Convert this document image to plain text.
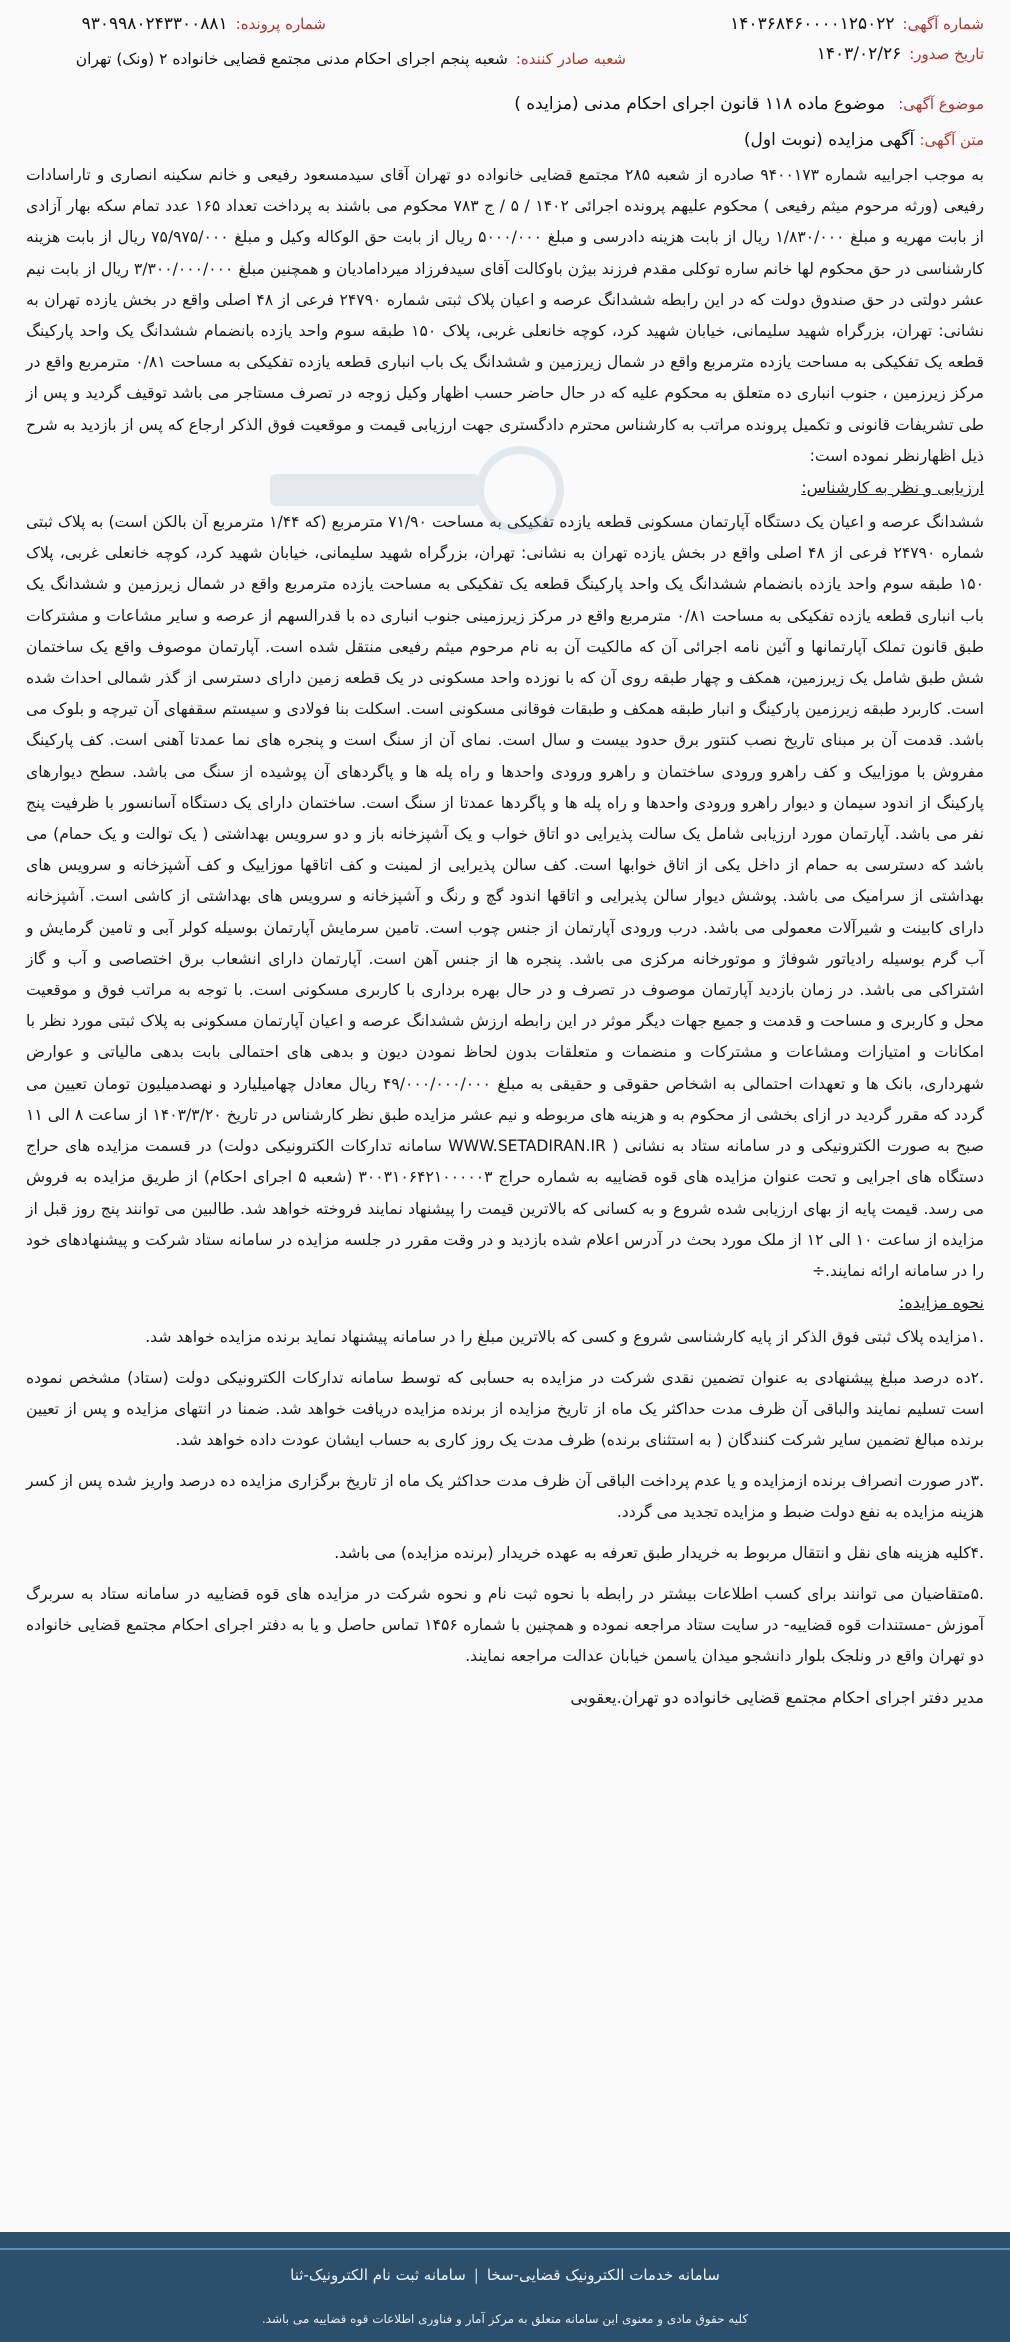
شماره آگهی:
۱۴۰۳۶۸۴۶۰۰۰۰۱۲۵۰۲۲
شماره پرونده:
۹۳۰۹۹۸۰۲۴۳۳۰۰۸۸۱
تاریخ صدور:
۱۴۰۳/۰۲/۲۶
شعبه صادر کننده:
شعبه پنجم اجرای احکام مدنی مجتمع قضایی خانواده ۲ (ونک) تهران
موضوع آگهی: موضوع ماده ۱۱۸ قانون اجرای احکام مدنی (مزایده )
متن آگهی: آگهی مزایده (نوبت اول)
به موجب اجراییه شماره ۹۴۰۰۱۷۳ صادره از شعبه ۲۸۵ مجتمع قضایی خانواده دو تهران آقای سیدمسعود رفیعی و خانم سکینه انصاری و تاراسادات رفیعی (ورثه مرحوم میثم رفیعی ) محکوم علیهم پرونده اجرائی ۱۴۰۲ / ۵ / ج ۷۸۳ محکوم می باشند به پرداخت تعداد ۱۶۵ عدد تمام سکه بهار آزادی از بابت مهریه و مبلغ ۱/۸۳۰/۰۰۰ ریال از بابت هزینه دادرسی و مبلغ ۵۰۰۰/۰۰۰ ریال از بابت حق الوکاله وکیل و مبلغ ۷۵/۹۷۵/۰۰۰ ریال از بابت هزینه کارشناسی در حق محکوم لها خانم ساره توکلی مقدم فرزند بیژن باوکالت آقای سیدفرزاد میردامادیان و همچنین مبلغ ۳/۳۰۰/۰۰۰/۰۰۰ ریال از بابت نیم عشر دولتی در حق صندوق دولت که در این رابطه ششدانگ عرصه و اعیان پلاک ثبتی شماره ۲۴۷۹۰ فرعی از ۴۸ اصلی واقع در بخش یازده تهران به نشانی: تهران، بزرگراه شهید سلیمانی، خیابان شهید کرد، کوچه خانعلی غربی، پلاک ۱۵۰ طبقه سوم واحد یازده بانضمام ششدانگ یک واحد پارکینگ قطعه یک تفکیکی به مساحت یازده مترمربع واقع در شمال زیرزمین و ششدانگ یک باب انباری قطعه یازده تفکیکی به مساحت ۰/۸۱ مترمربع واقع در مرکز زیرزمین ، جنوب انباری ده متعلق به محکوم علیه که در حال حاضر حسب اظهار وکیل زوجه در تصرف مستاجر می باشد توقیف گردید و پس از طی تشریفات قانونی و تکمیل پرونده مراتب به کارشناس محترم دادگستری جهت ارزیابی قیمت و موقعیت فوق الذکر ارجاع که پس از بازدید به شرح ذیل اظهارنظر نموده است:
ارزیابی و نظر به کارشناس:
ششدانگ عرصه و اعیان یک دستگاه آپارتمان مسکونی قطعه یازده تفکیکی به مساحت ۷۱/۹۰ مترمربع (که ۱/۴۴ مترمربع آن بالکن است) به پلاک ثبتی شماره ۲۴۷۹۰ فرعی از ۴۸ اصلی واقع در بخش یازده تهران به نشانی: تهران، بزرگراه شهید سلیمانی، خیابان شهید کرد، کوچه خانعلی غربی، پلاک ۱۵۰ طبقه سوم واحد یازده بانضمام ششدانگ یک واحد پارکینگ قطعه یک تفکیکی به مساحت یازده مترمربع واقع در شمال زیرزمین و ششدانگ یک باب انباری قطعه یازده تفکیکی به مساحت ۰/۸۱ مترمربع واقع در مرکز زیرزمینی جنوب انباری ده با قدرالسهم از عرصه و سایر مشاعات و مشترکات طبق قانون تملک آپارتمانها و آئین نامه اجرائی آن که مالکیت آن به نام مرحوم میثم رفیعی منتقل شده است. آپارتمان موصوف واقع یک ساختمان شش طبق شامل یک زیرزمین، همکف و چهار طبقه روی آن که با نوزده واحد مسکونی در یک قطعه زمین دارای دسترسی از گذر شمالی احداث شده است. کاربرد طبقه زیرزمین پارکینگ و انبار طبقه همکف و طبقات فوقانی مسکونی است. اسکلت بنا فولادی و سیستم سقفهای آن تیرچه و بلوک می باشد. قدمت آن بر مبنای تاریخ نصب کنتور برق حدود بیست و سال است. نمای آن از سنگ است و پنجره های نما عمدتا آهنی است. کف پارکینگ مفروش با موزاییک و کف راهرو ورودی ساختمان و راهرو ورودی واحدها و راه پله ها و پاگردهای آن پوشیده از سنگ می باشد. سطح دیوارهای پارکینگ از اندود سیمان و دیوار راهرو ورودی واحدها و راه پله ها و پاگردها عمدتا از سنگ است. ساختمان دارای یک دستگاه آسانسور با ظرفیت پنج نفر می باشد. آپارتمان مورد ارزیابی شامل یک سالت پذیرایی دو اتاق خواب و یک آشپزخانه باز و دو سرویس بهداشتی ( یک توالت و یک حمام) می باشد که دسترسی به حمام از داخل یکی از اتاق خوابها است. کف سالن پذیرایی از لمینت و کف اتاقها موزاییک و کف آشپزخانه و سرویس های بهداشتی از سرامیک می باشد. پوشش دیوار سالن پذیرایی و اتاقها اندود گچ و رنگ و آشپزخانه و سرویس های بهداشتی از کاشی است. آشپزخانه دارای کابینت و شیرآلات معمولی می باشد. درب ورودی آپارتمان از جنس چوب است. تامین سرمایش آپارتمان بوسیله کولر آبی و تامین گرمایش و آب گرم بوسیله رادیاتور شوفاژ و موتورخانه مرکزی می باشد. پنجره ها از جنس آهن است. آپارتمان دارای انشعاب برق اختصاصی و آب و گاز اشتراکی می باشد. در زمان بازدید آپارتمان موصوف در تصرف و در حال بهره برداری با کاربری مسکونی است. با توجه به مراتب فوق و موقعیت محل و کاربری و مساحت و قدمت و جمیع جهات دیگر موثر در این رابطه ارزش ششدانگ عرصه و اعیان آپارتمان مسکونی به پلاک ثبتی مورد نظر با امکانات و امتیازات ومشاعات و مشترکات و منضمات و متعلقات بدون لحاظ نمودن دیون و بدهی های احتمالی بابت بدهی مالیاتی و عوارض شهرداری، بانک ها و تعهدات احتمالی به اشخاص حقوقی و حقیقی به مبلغ ۴۹/۰۰۰/۰۰۰/۰۰۰ ریال معادل چهامیلیارد و نهصدمیلیون تومان تعیین می گردد که مقرر گردید در ازای بخشی از محکوم به و هزینه های مربوطه و نیم عشر مزایده طبق نظر کارشناس در تاریخ ۱۴۰۳/۳/۲۰ از ساعت ۸ الی ۱۱ صبح به صورت الکترونیکی و در سامانه ستاد به نشانی ( WWW.SETADIRAN.IR سامانه تدارکات الکترونیکی دولت) در قسمت مزایده های حراج دستگاه های اجرایی و تحت عنوان مزایده های قوه قضاییه به شماره حراج ۳۰۰۳۱۰۶۴۲۱۰۰۰۰۰۳ (شعبه ۵ اجرای احکام) از طریق مزایده به فروش می رسد. قیمت پایه از بهای ارزیابی شده شروع و به کسانی که بالاترین قیمت را پیشنهاد نمایند فروخته خواهد شد. طالبین می توانند پنج روز قبل از مزایده از ساعت ۱۰ الی ۱۲ از ملک مورد بحث در آدرس اعلام شده بازدید و در وقت مقرر در جلسه مزایده در سامانه ستاد شرکت و پیشنهادهای خود را در سامانه ارائه نمایند.÷
نحوه مزایده:

.۱مزایده پلاک ثبتی فوق الذکر از پایه کارشناسی شروع و کسی که بالاترین مبلغ را در سامانه پیشنهاد نماید برنده مزایده خواهد شد.

.۲ده درصد مبلغ پیشنهادی به عنوان تضمین نقدی شرکت در مزایده به حسابی که توسط سامانه تدارکات الکترونیکی دولت (ستاد) مشخص نموده است تسلیم نمایند والباقی آن ظرف مدت حداکثر یک ماه از تاریخ مزایده از برنده مزایده دریافت خواهد شد. ضمنا در انتهای مزایده و پس از تعیین برنده مبالغ تضمین سایر شرکت کنندگان ( به استثنای برنده) ظرف مدت یک روز کاری به حساب ایشان عودت داده خواهد شد.

.۳در صورت انصراف برنده ازمزایده و یا عدم پرداخت الباقی آن ظرف مدت حداکثر یک ماه از تاریخ برگزاری مزایده ده درصد واریز شده پس از کسر هزینه مزایده به نفع دولت ضبط و مزایده تجدید می گردد.

.۴کلیه هزینه های نقل و انتقال مربوط به خریدار طبق تعرفه به عهده خریدار (برنده مزایده) می باشد.

.۵متقاضیان می توانند برای کسب اطلاعات بیشتر در رابطه با نحوه ثبت نام و نحوه شرکت در مزایده های قوه قضاییه در سامانه ستاد به سربرگ آموزش -مستندات قوه قضاییه- در سایت ستاد مراجعه نموده و همچنین با شماره ۱۴۵۶ تماس حاصل و یا به دفتر اجرای احکام مجتمع قضایی خانواده دو تهران واقع در ونلجک بلوار دانشجو میدان یاسمن خیابان عدالت مراجعه نمایند.

مدیر دفتر اجرای احکام مجتمع قضایی خانواده دو تهران.یعقوبی
سامانه خدمات الکترونیک قضایی-سخا|سامانه ثبت نام الکترونیک-ثنا
کلیه حقوق مادی و معنوی این سامانه متعلق به مرکز آمار و فناوری اطلاعات قوه قضاییه می باشد.
